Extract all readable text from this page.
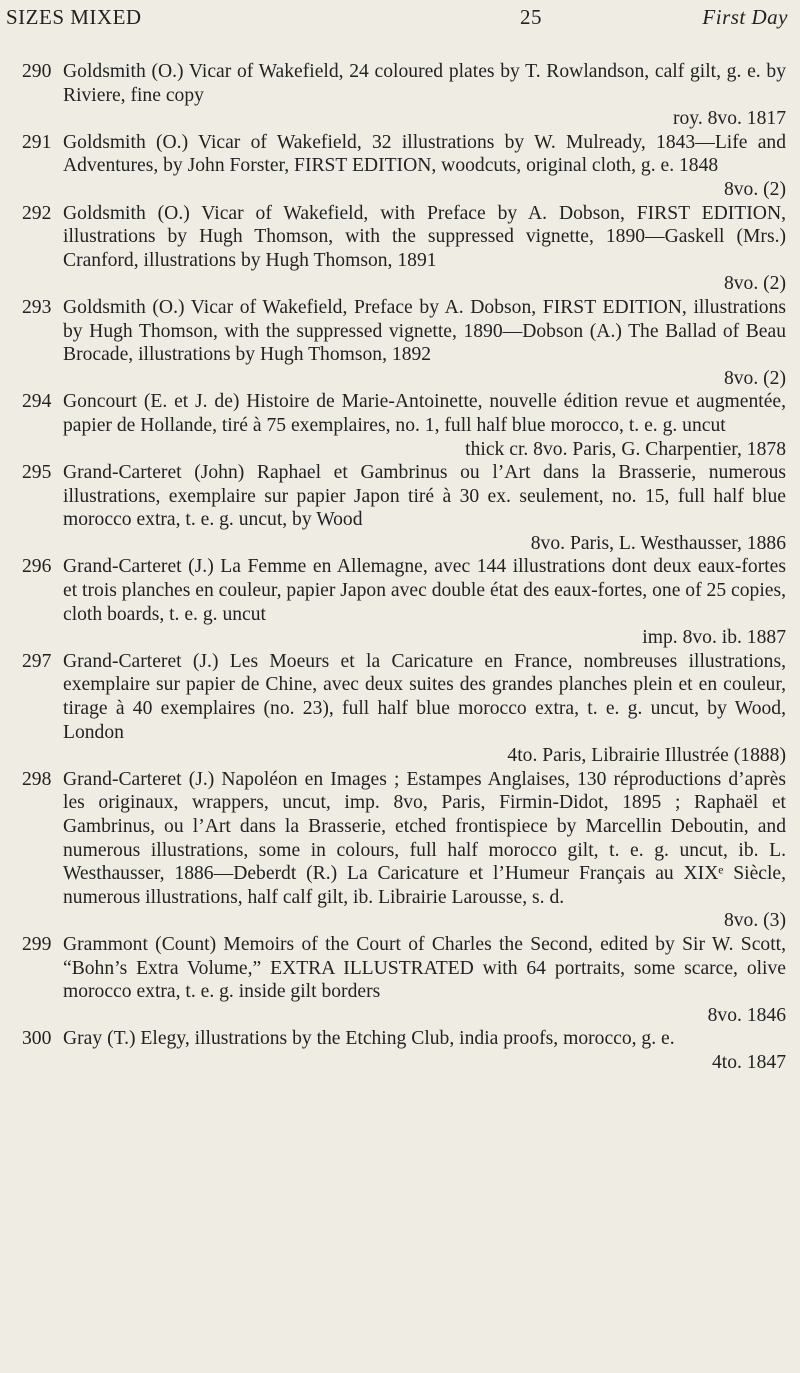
SIZES MIXED	25	First Day
290 Goldsmith (O.) Vicar of Wakefield, 24 coloured plates by T. Rowlandson, calf gilt, g. e. by Riviere, fine copy
roy. 8vo. 1817
291 Goldsmith (O.) Vicar of Wakefield, 32 illustrations by W. Mulready, 1843—Life and Adventures, by John Forster, FIRST EDITION, woodcuts, original cloth, g. e. 1848
8vo. (2)
292 Goldsmith (O.) Vicar of Wakefield, with Preface by A. Dobson, FIRST EDITION, illustrations by Hugh Thomson, with the suppressed vignette, 1890—Gaskell (Mrs.) Cranford, illustrations by Hugh Thomson, 1891
8vo. (2)
293 Goldsmith (O.) Vicar of Wakefield, Preface by A. Dobson, FIRST EDITION, illustrations by Hugh Thomson, with the suppressed vignette, 1890—Dobson (A.) The Ballad of Beau Brocade, illustrations by Hugh Thomson, 1892
8vo. (2)
294 Goncourt (E. et J. de) Histoire de Marie-Antoinette, nouvelle édition revue et augmentée, papier de Hollande, tiré à 75 exemplaires, no. 1, full half blue morocco, t. e. g. uncut
thick cr. 8vo. Paris, G. Charpentier, 1878
295 Grand-Carteret (John) Raphael et Gambrinus ou l’Art dans la Brasserie, numerous illustrations, exemplaire sur papier Japon tiré à 30 ex. seulement, no. 15, full half blue morocco extra, t. e. g. uncut, by Wood
8vo. Paris, L. Westhausser, 1886
296 Grand-Carteret (J.) La Femme en Allemagne, avec 144 illustrations dont deux eaux-fortes et trois planches en couleur, papier Japon avec double état des eaux-fortes, one of 25 copies, cloth boards, t. e. g. uncut
imp. 8vo. ib. 1887
297 Grand-Carteret (J.) Les Moeurs et la Caricature en France, nombreuses illustrations, exemplaire sur papier de Chine, avec deux suites des grandes planches plein et en couleur, tirage à 40 exemplaires (no. 23), full half blue morocco extra, t. e. g. uncut, by Wood, London
4to. Paris, Librairie Illustrée (1888)
298 Grand-Carteret (J.) Napoléon en Images ; Estampes Anglaises, 130 réproductions d’après les originaux, wrappers, uncut, imp. 8vo, Paris, Firmin-Didot, 1895 ; Raphaël et Gambrinus, ou l’Art dans la Brasserie, etched frontispiece by Marcellin Deboutin, and numerous illustrations, some in colours, full half morocco gilt, t. e. g. uncut, ib. L. Westhausser, 1886—Deberdt (R.) La Caricature et l’Humeur Français au XIXᵉ Siècle, numerous illustrations, half calf gilt, ib. Librairie Larousse, s. d.
8vo. (3)
299 Grammont (Count) Memoirs of the Court of Charles the Second, edited by Sir W. Scott, “Bohn’s Extra Volume,” EXTRA ILLUSTRATED with 64 portraits, some scarce, olive morocco extra, t. e. g. inside gilt borders
8vo. 1846
300 Gray (T.) Elegy, illustrations by the Etching Club, india proofs, morocco, g. e.
4to. 1847
